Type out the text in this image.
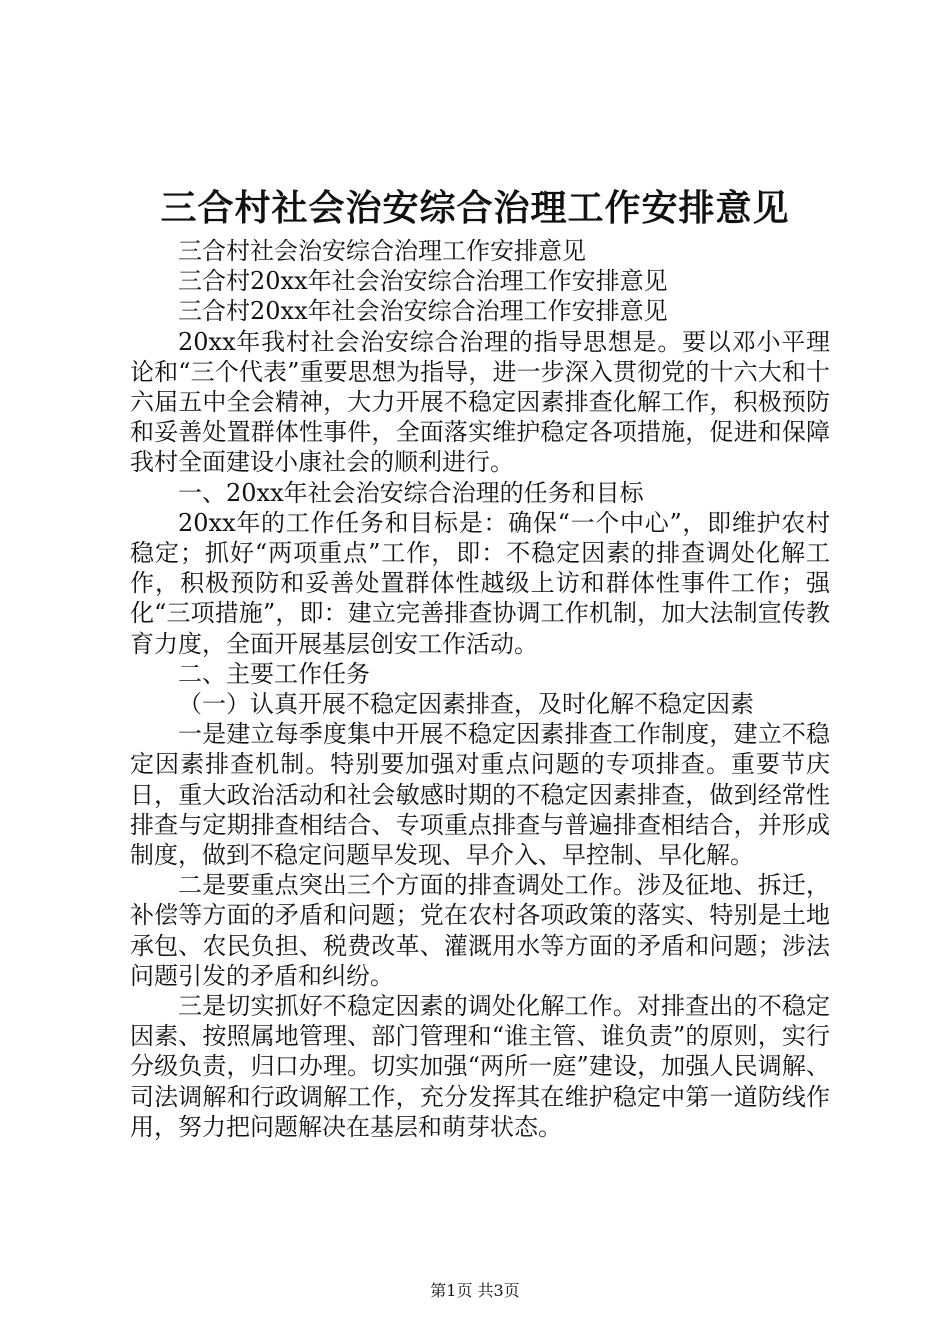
三合村社会治安综合治理工作安排意见

三合村社会治安综合治理工作安排意见

三合村20xx年社会治安综合治理工作安排意见

三合村20xx年社会治安综合治理工作安排意见

20xx年我村社会治安综合治理的指导思想是。要以邓小平理论和“三个代表”重要思想为指导，进一步深入贯彻党的十六大和十六届五中全会精神，大力开展不稳定因素排查化解工作，积极预防和妥善处置群体性事件，全面落实维护稳定各项措施，促进和保障我村全面建设小康社会的顺利进行。

一、20xx年社会治安综合治理的任务和目标

20xx年的工作任务和目标是：确保“一个中心”，即维护农村稳定；抓好“两项重点”工作，即：不稳定因素的排查调处化解工作，积极预防和妥善处置群体性越级上访和群体性事件工作；强化“三项措施”，即：建立完善排查协调工作机制，加大法制宣传教育力度，全面开展基层创安工作活动。

二、主要工作任务

（一）认真开展不稳定因素排查，及时化解不稳定因素

一是建立每季度集中开展不稳定因素排查工作制度，建立不稳定因素排查机制。特别要加强对重点问题的专项排查。重要节庆日，重大政治活动和社会敏感时期的不稳定因素排查，做到经常性排查与定期排查相结合、专项重点排查与普遍排查相结合，并形成制度，做到不稳定问题早发现、早介入、早控制、早化解。

二是要重点突出三个方面的排查调处工作。涉及征地、拆迁，补偿等方面的矛盾和问题；党在农村各项政策的落实、特别是土地承包、农民负担、税费改革、灌溉用水等方面的矛盾和问题；涉法问题引发的矛盾和纠纷。

三是切实抓好不稳定因素的调处化解工作。对排查出的不稳定因素、按照属地管理、部门管理和“谁主管、谁负责”的原则，实行分级负责，归口办理。切实加强“两所一庭”建设，加强人民调解、司法调解和行政调解工作，充分发挥其在维护稳定中第一道防线作用，努力把问题解决在基层和萌芽状态。

第1页 共3页
